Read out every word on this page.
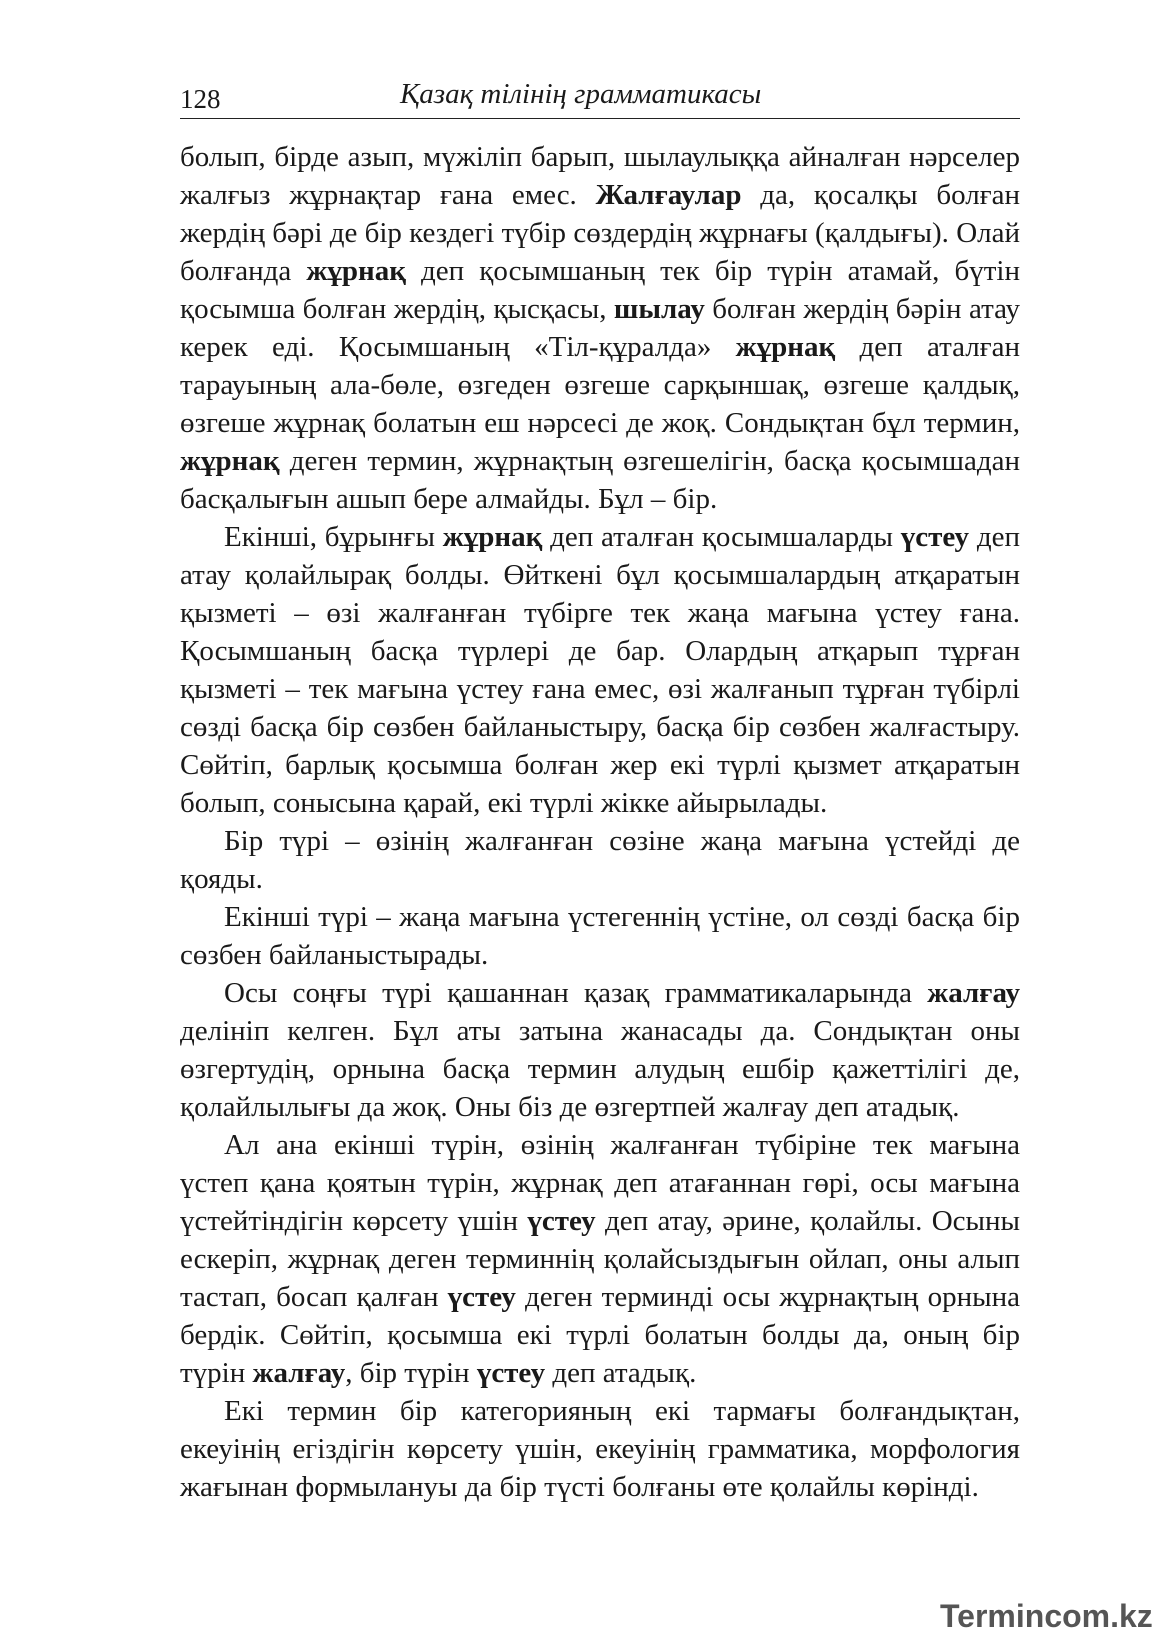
128	Қазақ тілінің грамматикасы

болып, бірде азып, мүжіліп барып, шылаулыққа айналған нәрселер жалғыз жұрнақтар ғана емес. Жалғаулар да, қосалқы болған жердің бәрі де бір кездегі түбір сөздердің жұрнағы (қалдығы). Олай болғанда жұрнақ деп қосымшаның тек бір түрін атамай, бүтін қосымша болған жердің, қысқасы, шылау болған жердің бәрін атау керек еді. Қосымшаның «Тіл-құралда» жұрнақ деп аталған тарауының ала-бөле, өзгеден өзгеше сарқыншақ, өзгеше қалдық, өзгеше жұрнақ болатын еш нәрсесі де жоқ. Сондықтан бұл термин, жұрнақ деген термин, жұрнақтың өзгешелігін, басқа қосымшадан басқалығын ашып бере алмайды. Бұл – бір.

Екінші, бұрынғы жұрнақ деп аталған қосымшаларды үстеу деп атау қолайлырақ болды. Өйткені бұл қосымшалардың атқаратын қызметі – өзі жалғанған түбірге тек жаңа мағына үстеу ғана. Қосымшаның басқа түрлері де бар. Олардың атқарып тұрған қызметі – тек мағына үстеу ғана емес, өзі жалғанып тұрған түбірлі сөзді басқа бір сөзбен байланыстыру, басқа бір сөзбен жалғастыру. Сөйтіп, барлық қосымша болған жер екі түрлі қызмет атқаратын болып, сонысына қарай, екі түрлі жікке айырылады.

Бір түрі – өзінің жалғанған сөзіне жаңа мағына үстейді де қояды.

Екінші түрі – жаңа мағына үстегеннің үстіне, ол сөзді басқа бір сөзбен байланыстырады.

Осы соңғы түрі қашаннан қазақ грамматикаларында жалғау делініп келген. Бұл аты затына жанасады да. Сондықтан оны өзгертудің, орнына басқа термин алудың ешбір қажеттілігі де, қолайлылығы да жоқ. Оны біз де өзгертпей жалғау деп атадық.

Ал ана екінші түрін, өзінің жалғанған түбіріне тек мағына үстеп қана қоятын түрін, жұрнақ деп атағаннан гөрі, осы мағына үстейтіндігін көрсету үшін үстеу деп атау, әрине, қолайлы. Осыны ескеріп, жұрнақ деген терминнің қолайсыздығын ойлап, оны алып тастап, босап қалған үстеу деген терминді осы жұрнақтың орнына бердік. Сөйтіп, қосымша екі түрлі болатын болды да, оның бір түрін жалғау, бір түрін үстеу деп атадық.

Екі термин бір категорияның екі тармағы болғандықтан, екеуінің егіздігін көрсету үшін, екеуінің грамматика, морфология жағынан формылануы да бір түсті болғаны өте қолайлы көрінді.

Termincom.kz
